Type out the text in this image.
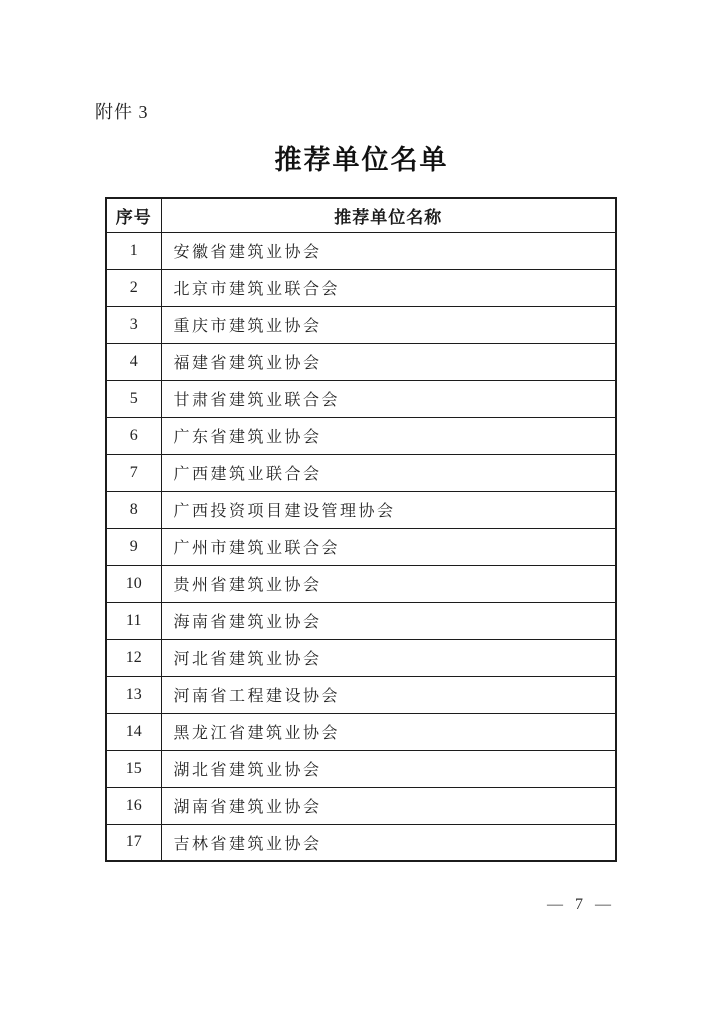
附件 3
推荐单位名单
序号	推荐单位名称
1	安徽省建筑业协会
2	北京市建筑业联合会
3	重庆市建筑业协会
4	福建省建筑业协会
5	甘肃省建筑业联合会
6	广东省建筑业协会
7	广西建筑业联合会
8	广西投资项目建设管理协会
9	广州市建筑业联合会
10	贵州省建筑业协会
11	海南省建筑业协会
12	河北省建筑业协会
13	河南省工程建设协会
14	黑龙江省建筑业协会
15	湖北省建筑业协会
16	湖南省建筑业协会
17	吉林省建筑业协会
— 7 —
